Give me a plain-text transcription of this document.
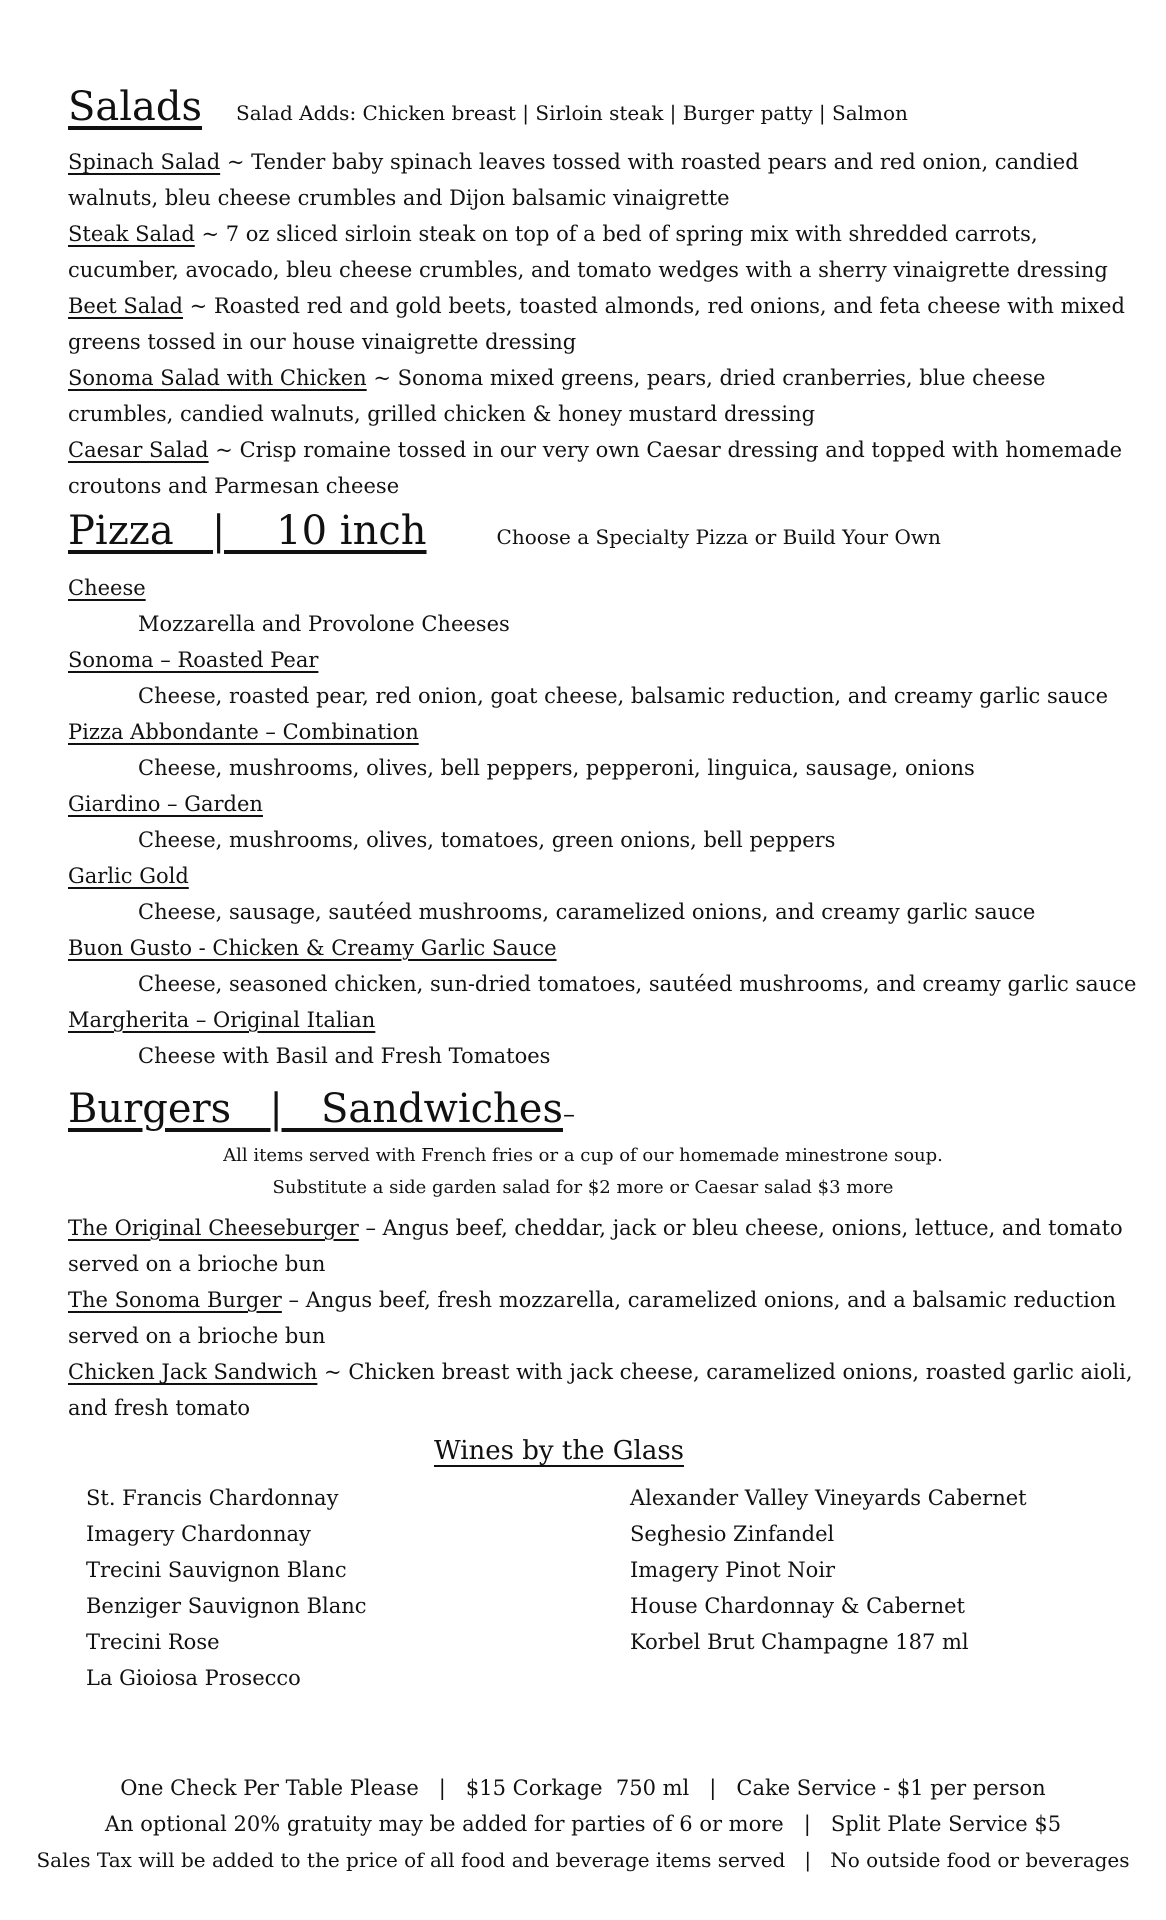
Salads Salad Adds: Chicken breast | Sirloin steak | Burger patty | Salmon
Spinach Salad ~ Tender baby spinach leaves tossed with roasted pears and red onion, candied walnuts, bleu cheese crumbles and Dijon balsamic vinaigrette
Steak Salad ~ 7 oz sliced sirloin steak on top of a bed of spring mix with shredded carrots, cucumber, avocado, bleu cheese crumbles, and tomato wedges with a sherry vinaigrette dressing
Beet Salad ~ Roasted red and gold beets, toasted almonds, red onions, and feta cheese with mixed greens tossed in our house vinaigrette dressing
Sonoma Salad with Chicken ~ Sonoma mixed greens, pears, dried cranberries, blue cheese crumbles, candied walnuts, grilled chicken & honey mustard dressing
Caesar Salad ~ Crisp romaine tossed in our very own Caesar dressing and topped with homemade croutons and Parmesan cheese
Pizza   |    10 inch	Choose a Specialty Pizza or Build Your Own
Cheese
Mozzarella and Provolone Cheeses
Sonoma – Roasted Pear
Cheese, roasted pear, red onion, goat cheese, balsamic reduction, and creamy garlic sauce
Pizza Abbondante – Combination
Cheese, mushrooms, olives, bell peppers, pepperoni, linguica, sausage, onions
Giardino – Garden
Cheese, mushrooms, olives, tomatoes, green onions, bell peppers
Garlic Gold
Cheese, sausage, sautéed mushrooms, caramelized onions, and creamy garlic sauce
Buon Gusto - Chicken & Creamy Garlic Sauce
Cheese, seasoned chicken, sun-dried tomatoes, sautéed mushrooms, and creamy garlic sauce
Margherita – Original Italian
Cheese with Basil and Fresh Tomatoes
Burgers   |   Sandwiches –
All items served with French fries or a cup of our homemade minestrone soup.
Substitute a side garden salad for $2 more or Caesar salad $3 more
The Original Cheeseburger – Angus beef, cheddar, jack or bleu cheese, onions, lettuce, and tomato served on a brioche bun
The Sonoma Burger – Angus beef, fresh mozzarella, caramelized onions, and a balsamic reduction served on a brioche bun
Chicken Jack Sandwich ~ Chicken breast with jack cheese, caramelized onions, roasted garlic aioli, and fresh tomato
Wines by the Glass
St. Francis Chardonnay
Imagery Chardonnay
Trecini Sauvignon Blanc
Benziger Sauvignon Blanc
Trecini Rose
La Gioiosa Prosecco
Alexander Valley Vineyards Cabernet
Seghesio Zinfandel
Imagery Pinot Noir
House Chardonnay & Cabernet
Korbel Brut Champagne 187 ml
One Check Per Table Please   |   $15 Corkage  750 ml   |   Cake Service - $1 per person
An optional 20% gratuity may be added for parties of 6 or more   |   Split Plate Service $5
Sales Tax will be added to the price of all food and beverage items served   |   No outside food or beverages
